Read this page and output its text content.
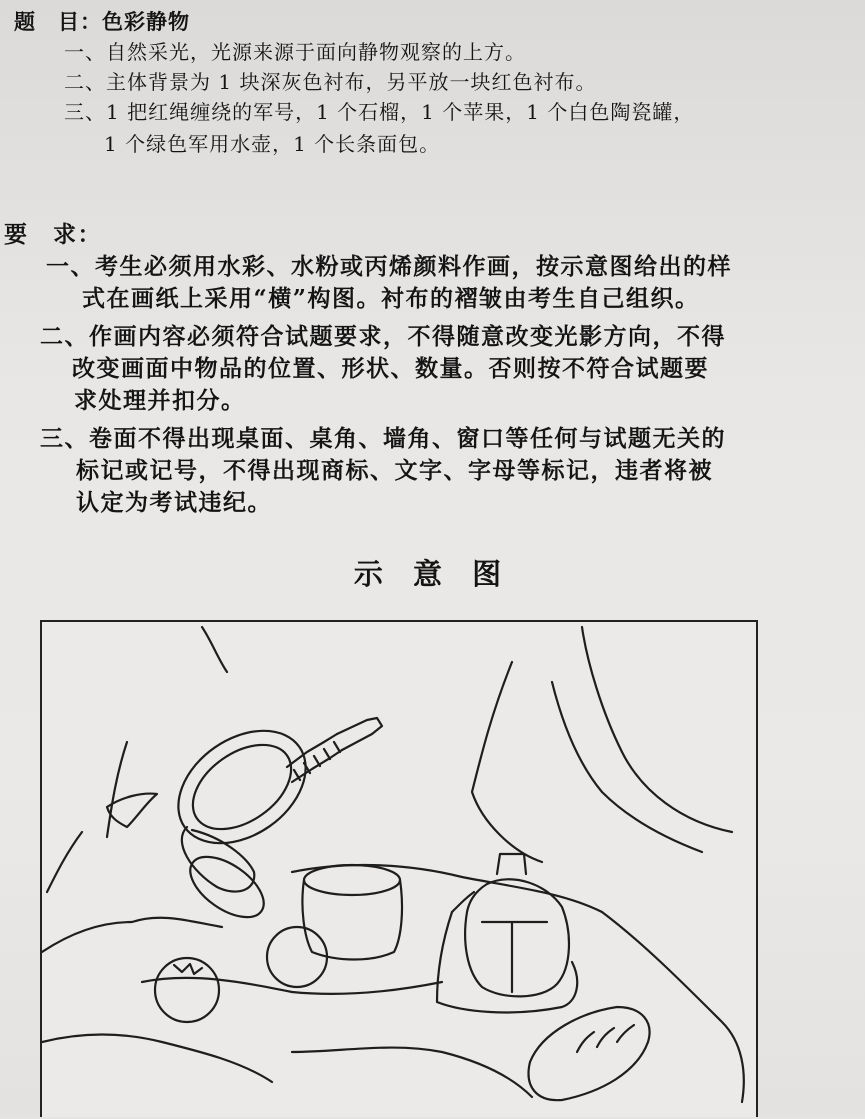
题　目：色彩静物
一、自然采光，光源来源于面向静物观察的上方。
二、主体背景为 1 块深灰色衬布，另平放一块红色衬布。
三、1 把红绳缠绕的军号，1 个石榴，1 个苹果，1 个白色陶瓷罐，
1 个绿色军用水壶，1 个长条面包。
要　求：
一、考生必须用水彩、水粉或丙烯颜料作画，按示意图给出的样
式在画纸上采用“横”构图。衬布的褶皱由考生自己组织。
二、作画内容必须符合试题要求，不得随意改变光影方向，不得
改变画面中物品的位置、形状、数量。否则按不符合试题要
求处理并扣分。
三、卷面不得出现桌面、桌角、墙角、窗口等任何与试题无关的
标记或记号，不得出现商标、文字、字母等标记，违者将被
认定为考试违纪。
示 意 图
